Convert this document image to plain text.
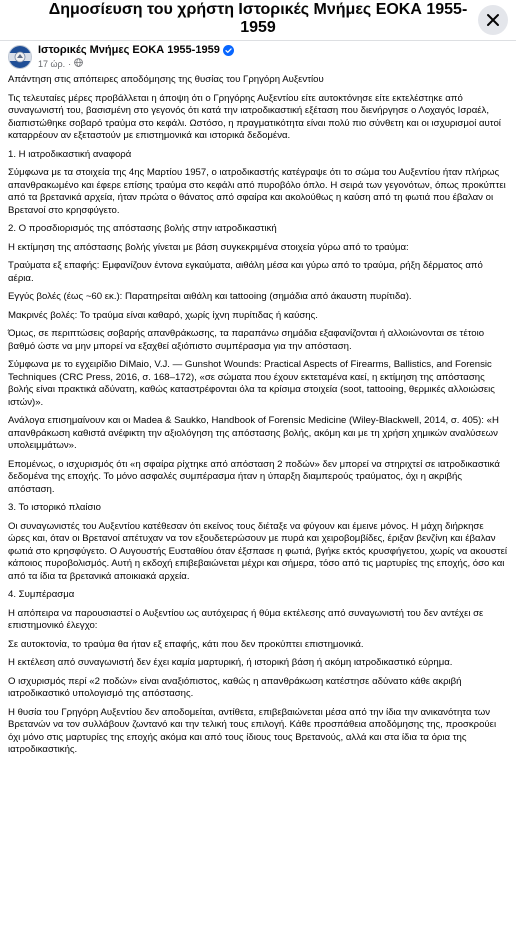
Δημοσίευση του χρήστη Ιστορικές Μνήμες ΕΟΚΑ 1955-1959
Ιστορικές Μνήμες ΕΟΚΑ 1955-1959
17 ώρ. ·

Απάντηση στις απόπειρες αποδόμησης της θυσίας του Γρηγόρη Αυξεντίου

Τις τελευταίες μέρες προβάλλεται η άποψη ότι ο Γρηγόρης Αυξεντίου είτε αυτοκτόνησε είτε εκτελέστηκε από συναγωνιστή του, βασισμένη στο γεγονός ότι κατά την ιατροδικαστική εξέταση που διενήργησε ο Λοχαγός Ισραέλ, διαπιστώθηκε σοβαρό τραύμα στο κεφάλι. Ωστόσο, η πραγματικότητα είναι πολύ πιο σύνθετη και οι ισχυρισμοί αυτοί καταρρέουν αν εξεταστούν με επιστημονικά και ιστορικά δεδομένα.

1. Η ιατροδικαστική αναφορά

Σύμφωνα με τα στοιχεία της 4ης Μαρτίου 1957, ο ιατροδικαστής κατέγραψε ότι το σώμα του Αυξεντίου ήταν πλήρως απανθρακωμένο και έφερε επίσης τραύμα στο κεφάλι από πυροβόλο όπλο. Η σειρά των γεγονότων, όπως προκύπτει από τα βρετανικά αρχεία, ήταν πρώτα ο θάνατος από σφαίρα και ακολούθως η καύση από τη φωτιά που έβαλαν οι Βρετανοί στο κρησφύγετο.

2. Ο προσδιορισμός της απόστασης βολής στην ιατροδικαστική

Η εκτίμηση της απόστασης βολής γίνεται με βάση συγκεκριμένα στοιχεία γύρω από το τραύμα:

Τραύματα εξ επαφής: Εμφανίζουν έντονα εγκαύματα, αιθάλη μέσα και γύρω από το τραύμα, ρήξη δέρματος από αέρια.

Εγγύς βολές (έως ~60 εκ.): Παρατηρείται αιθάλη και tattooing (σημάδια από άκαυστη πυρίτιδα).

Μακρινές βολές: Το τραύμα είναι καθαρό, χωρίς ίχνη πυρίτιδας ή καύσης.

Όμως, σε περιπτώσεις σοβαρής απανθράκωσης, τα παραπάνω σημάδια εξαφανίζονται ή αλλοιώνονται σε τέτοιο βαθμό ώστε να μην μπορεί να εξαχθεί αξιόπιστο συμπέρασμα για την απόσταση.

Σύμφωνα με το εγχειρίδιο DiMaio, V.J. — Gunshot Wounds: Practical Aspects of Firearms, Ballistics, and Forensic Techniques (CRC Press, 2016, σ. 168–172), «σε σώματα που έχουν εκτεταμένα καεί, η εκτίμηση της απόστασης βολής είναι πρακτικά αδύνατη, καθώς καταστρέφονται όλα τα κρίσιμα στοιχεία (soot, tattooing, θερμικές αλλοιώσεις ιστών)».

Ανάλογα επισημαίνουν και οι Madea & Saukko, Handbook of Forensic Medicine (Wiley-Blackwell, 2014, σ. 405): «Η απανθράκωση καθιστά ανέφικτη την αξιολόγηση της απόστασης βολής, ακόμη και με τη χρήση χημικών αναλύσεων υπολειμμάτων».

Επομένως, ο ισχυρισμός ότι «η σφαίρα ρίχτηκε από απόσταση 2 ποδών» δεν μπορεί να στηριχτεί σε ιατροδικαστικά δεδομένα της εποχής. Το μόνο ασφαλές συμπέρασμα ήταν η ύπαρξη διαμπερούς τραύματος, όχι η ακριβής απόσταση.

3. Το ιστορικό πλαίσιο

Οι συναγωνιστές του Αυξεντίου κατέθεσαν ότι εκείνος τους διέταξε να φύγουν και έμεινε μόνος. Η μάχη διήρκησε ώρες και, όταν οι Βρετανοί απέτυχαν να τον εξουδετερώσουν με πυρά και χειροβομβίδες, έριξαν βενζίνη και έβαλαν φωτιά στο κρησφύγετο. Ο Αυγουστής Ευσταθίου όταν έξσπασε η φωτιά, βγήκε εκτός κρυσφήγετου, χωρίς να ακουστεί κάποιος πυροβολισμός. Αυτή η εκδοχή επιβεβαιώνεται μέχρι και σήμερα, τόσο από τις μαρτυρίες της εποχής, όσο και από τα ίδια τα βρετανικά αποικιακά αρχεία.

4. Συμπέρασμα

Η απόπειρα να παρουσιαστεί ο Αυξεντίου ως αυτόχειρας ή θύμα εκτέλεσης από συναγωνιστή του δεν αντέχει σε επιστημονικό έλεγχο:

Σε αυτοκτονία, το τραύμα θα ήταν εξ επαφής, κάτι που δεν προκύπτει επιστημονικά.

Η εκτέλεση από συναγωνιστή δεν έχει καμία μαρτυρική, ή ιστορική βάση ή ακόμη ιατροδικαστικό εύρημα.

Ο ισχυρισμός περί «2 ποδών» είναι αναξιόπιστος, καθώς η απανθράκωση κατέστησε αδύνατο κάθε ακριβή ιατροδικαστικό υπολογισμό της απόστασης.

Η θυσία του Γρηγόρη Αυξεντίου δεν αποδομείται, αντίθετα, επιβεβαιώνεται μέσα από την ίδια την ανικανότητα των Βρετανών να τον συλλάβουν ζωντανό και την τελική τους επιλογή. Κάθε προσπάθεια αποδόμησης της, προσκρούει όχι μόνο στις μαρτυρίες της εποχής ακόμα και από τους ίδιους τους Βρετανούς, αλλά και στα ίδια τα όρια της ιατροδικαστικής.
